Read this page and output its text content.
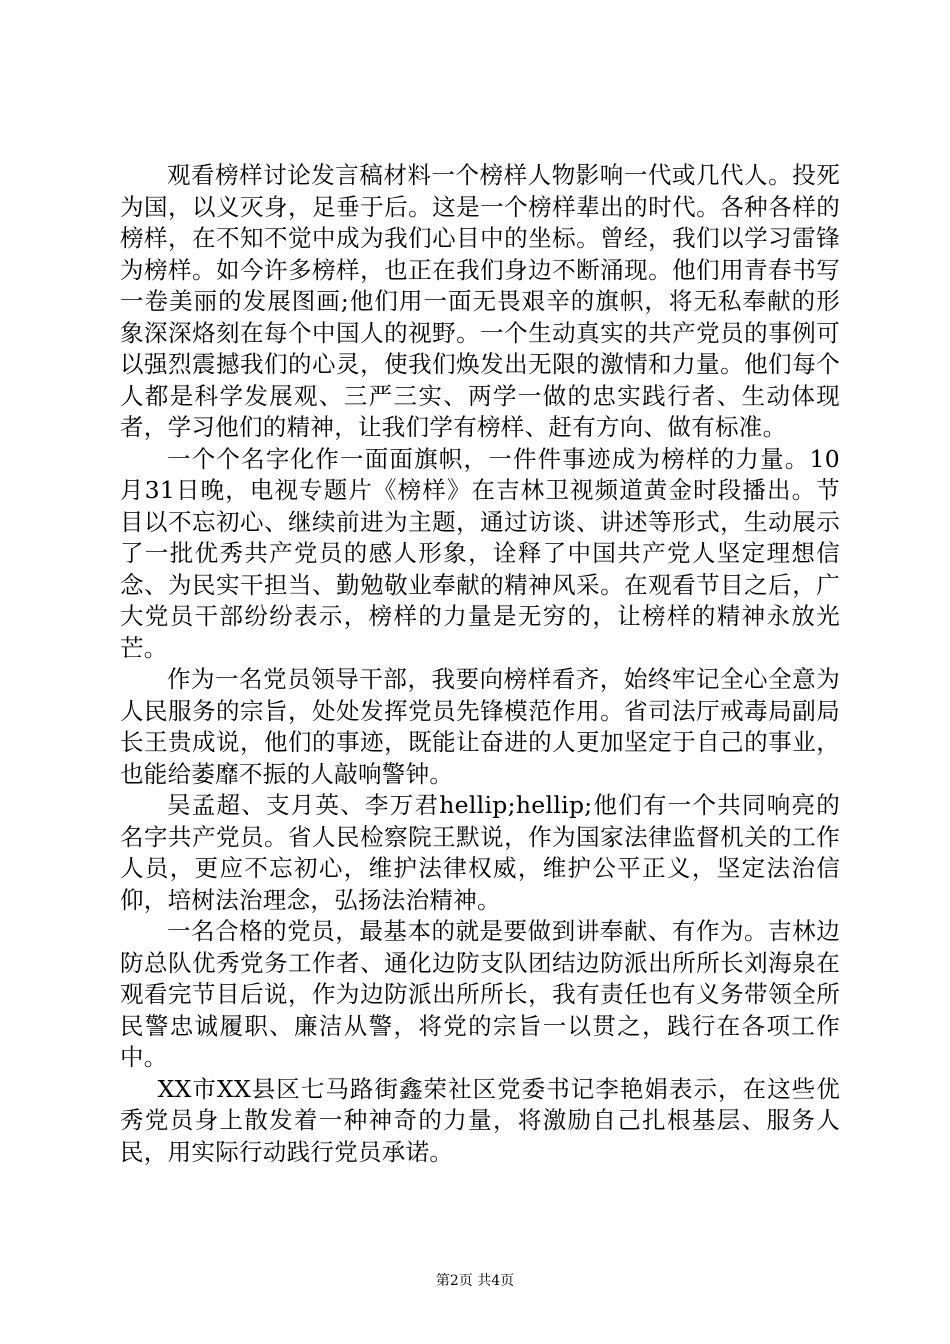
观看榜样讨论发言稿材料一个榜样人物影响一代或几代人。投死为国，以义灭身，足垂于后。这是一个榜样辈出的时代。各种各样的榜样，在不知不觉中成为我们心目中的坐标。曾经，我们以学习雷锋为榜样。如今许多榜样，也正在我们身边不断涌现。他们用青春书写一卷美丽的发展图画;他们用一面无畏艰辛的旗帜，将无私奉献的形象深深烙刻在每个中国人的视野。一个生动真实的共产党员的事例可以强烈震撼我们的心灵，使我们焕发出无限的激情和力量。他们每个人都是科学发展观、三严三实、两学一做的忠实践行者、生动体现者，学习他们的精神，让我们学有榜样、赶有方向、做有标准。

一个个名字化作一面面旗帜，一件件事迹成为榜样的力量。10月31日晚，电视专题片《榜样》在吉林卫视频道黄金时段播出。节目以不忘初心、继续前进为主题，通过访谈、讲述等形式，生动展示了一批优秀共产党员的感人形象，诠释了中国共产党人坚定理想信念、为民实干担当、勤勉敬业奉献的精神风采。在观看节目之后，广大党员干部纷纷表示，榜样的力量是无穷的，让榜样的精神永放光芒。

作为一名党员领导干部，我要向榜样看齐，始终牢记全心全意为人民服务的宗旨，处处发挥党员先锋模范作用。省司法厅戒毒局副局长王贵成说，他们的事迹，既能让奋进的人更加坚定于自己的事业，也能给萎靡不振的人敲响警钟。

吴孟超、支月英、李万君hellip;hellip;他们有一个共同响亮的名字共产党员。省人民检察院王默说，作为国家法律监督机关的工作人员，更应不忘初心，维护法律权威，维护公平正义，坚定法治信仰，培树法治理念，弘扬法治精神。

一名合格的党员，最基本的就是要做到讲奉献、有作为。吉林边防总队优秀党务工作者、通化边防支队团结边防派出所所长刘海泉在观看完节目后说，作为边防派出所所长，我有责任也有义务带领全所民警忠诚履职、廉洁从警，将党的宗旨一以贯之，践行在各项工作中。

XX市XX县区七马路街鑫荣社区党委书记李艳娟表示，在这些优秀党员身上散发着一种神奇的力量，将激励自己扎根基层、服务人民，用实际行动践行党员承诺。

第2页 共4页
